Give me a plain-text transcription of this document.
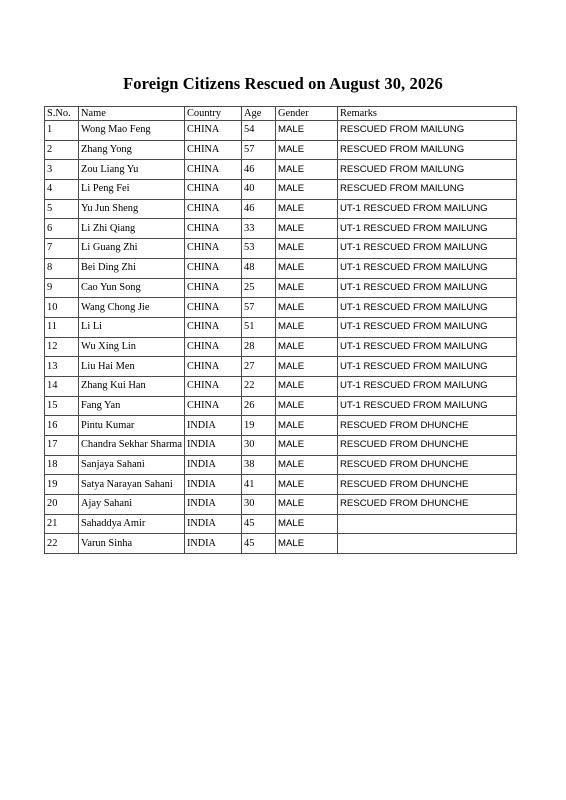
Foreign Citizens Rescued on August 30, 2026
S.No.	Name	Country	Age	Gender	Remarks
1	Wong Mao Feng	CHINA	54	MALE	RESCUED FROM MAILUNG
2	Zhang Yong	CHINA	57	MALE	RESCUED FROM MAILUNG
3	Zou Liang Yu	CHINA	46	MALE	RESCUED FROM MAILUNG
4	Li Peng Fei	CHINA	40	MALE	RESCUED FROM MAILUNG
5	Yu Jun Sheng	CHINA	46	MALE	UT-1 RESCUED FROM MAILUNG
6	Li Zhi Qiang	CHINA	33	MALE	UT-1 RESCUED FROM MAILUNG
7	Li Guang Zhi	CHINA	53	MALE	UT-1 RESCUED FROM MAILUNG
8	Bei Ding Zhi	CHINA	48	MALE	UT-1 RESCUED FROM MAILUNG
9	Cao Yun Song	CHINA	25	MALE	UT-1 RESCUED FROM MAILUNG
10	Wang Chong Jie	CHINA	57	MALE	UT-1 RESCUED FROM MAILUNG
11	Li Li	CHINA	51	MALE	UT-1 RESCUED FROM MAILUNG
12	Wu Xing Lin	CHINA	28	MALE	UT-1 RESCUED FROM MAILUNG
13	Liu Hai Men	CHINA	27	MALE	UT-1 RESCUED FROM MAILUNG
14	Zhang Kui Han	CHINA	22	MALE	UT-1 RESCUED FROM MAILUNG
15	Fang Yan	CHINA	26	MALE	UT-1 RESCUED FROM MAILUNG
16	Pintu Kumar	INDIA	19	MALE	RESCUED FROM DHUNCHE
17	Chandra Sekhar Sharma	INDIA	30	MALE	RESCUED FROM DHUNCHE
18	Sanjaya Sahani	INDIA	38	MALE	RESCUED FROM DHUNCHE
19	Satya Narayan Sahani	INDIA	41	MALE	RESCUED FROM DHUNCHE
20	Ajay Sahani	INDIA	30	MALE	RESCUED FROM DHUNCHE
21	Sahaddya Amir	INDIA	45	MALE	
22	Varun Sinha	INDIA	45	MALE	
